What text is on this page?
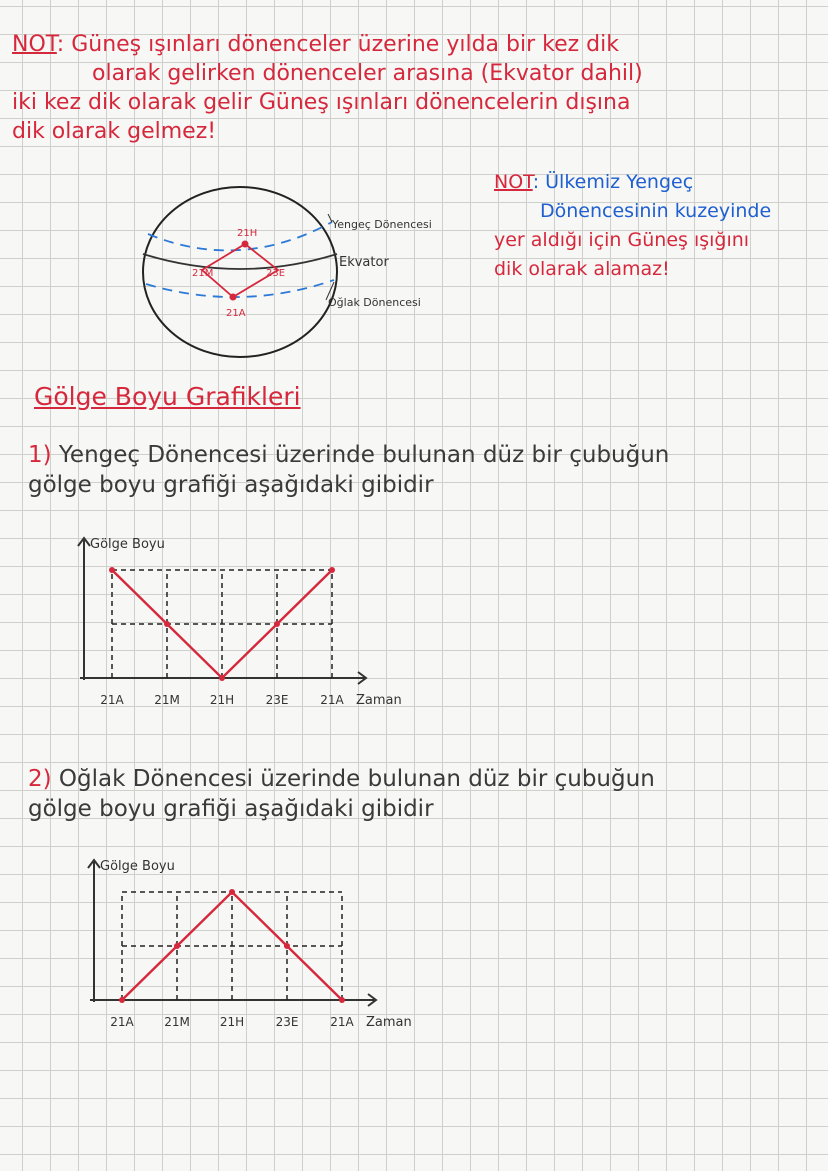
NOT: Güneş ışınları dönenceler üzerine yılda bir kez dik
olarak gelirken dönenceler arasına (Ekvator dahil)
iki kez dik olarak gelir Güneş ışınları dönencelerin dışına
dik olarak gelmez!
21H
21M	23E
21A
Yengeç Dönencesi
Ekvator
Oğlak Dönencesi
NOT: Ülkemiz Yengeç
Dönencesinin kuzeyinde
yer aldığı için Güneş ışığını
dik olarak alamaz!
Gölge Boyu Grafikleri
1) Yengeç Dönencesi üzerinde bulunan düz bir çubuğun
gölge boyu grafiği aşağıdaki gibidir
21A	21M	21H	23E	21A
Gölge Boyu
Zaman
2) Oğlak Dönencesi üzerinde bulunan düz bir çubuğun
gölge boyu grafiği aşağıdaki gibidir
21A	21M	21H	23E	21A
Gölge Boyu
Zaman
